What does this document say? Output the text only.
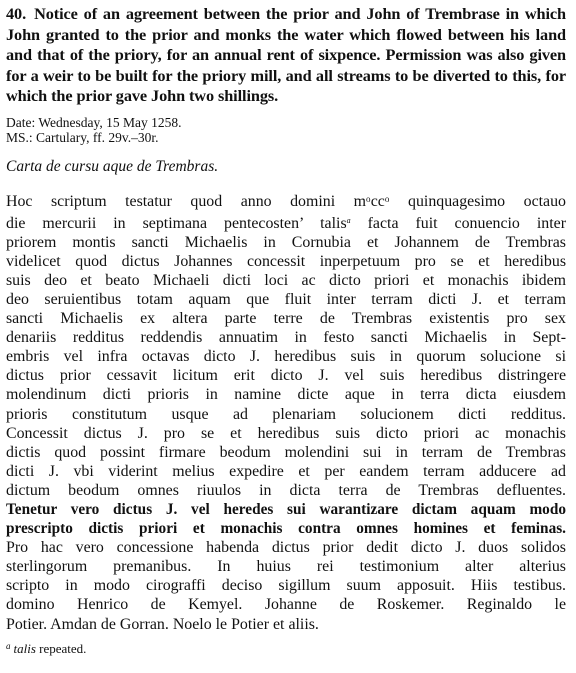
40. Notice of an agreement between the prior and John of Trembrase in which John granted to the prior and monks the water which flowed between his land and that of the priory, for an annual rent of sixpence. Permission was also given for a weir to be built for the priory mill, and all streams to be diverted to this, for which the prior gave John two shillings.

Date: Wednesday, 15 May 1258.
MS.: Cartulary, ff. 29v.–30r.
Carta de cursu aque de Trembras.
Hoc scriptum testatur quod anno domini $m^occ^o$ quinquagesimo octauo
die mercurii in septimana pentecosten’ talis$^a$ facta fuit conuencio inter
priorem montis sancti Michaelis in Cornubia et Johannem de Trembras
videlicet quod dictus Johannes concessit inperpetuum pro se et heredibus
suis deo et beato Michaeli dicti loci ac dicto priori et monachis ibidem
deo seruientibus totam aquam que fluit inter terram dicti J. et terram
sancti Michaelis ex altera parte terre de Trembras existentis pro sex
denariis redditus reddendis annuatim in festo sancti Michaelis in Sept-
embris vel infra octavas dicto J. heredibus suis in quorum solucione si
dictus prior cessavit licitum erit dicto J. vel suis heredibus distringere
molendinum dicti prioris in namine dicte aque in terra dicta eiusdem
prioris constitutum usque ad plenariam solucionem dicti redditus.
Concessit dictus J. pro se et heredibus suis dicto priori ac monachis
dictis quod possint firmare beodum molendini sui in terram de Trembras
dicti J. vbi viderint melius expedire et per eandem terram adducere ad
dictum beodum omnes riuulos in dicta terra de Trembras defluentes.
Tenetur vero dictus J. vel heredes sui warantizare dictam aquam modo
prescripto dictis priori et monachis contra omnes homines et feminas.
Pro hac vero concessione habenda dictus prior dedit dicto J. duos solidos
sterlingorum premanibus. In huius rei testimonium alter alterius
scripto in modo cirograffi deciso sigillum suum apposuit. Hiis testibus.
domino Henrico de Kemyel. Johanne de Roskemer. Reginaldo le
Potier. Amdan de Gorran. Noelo le Potier et aliis.
$^a$ talis repeated.
